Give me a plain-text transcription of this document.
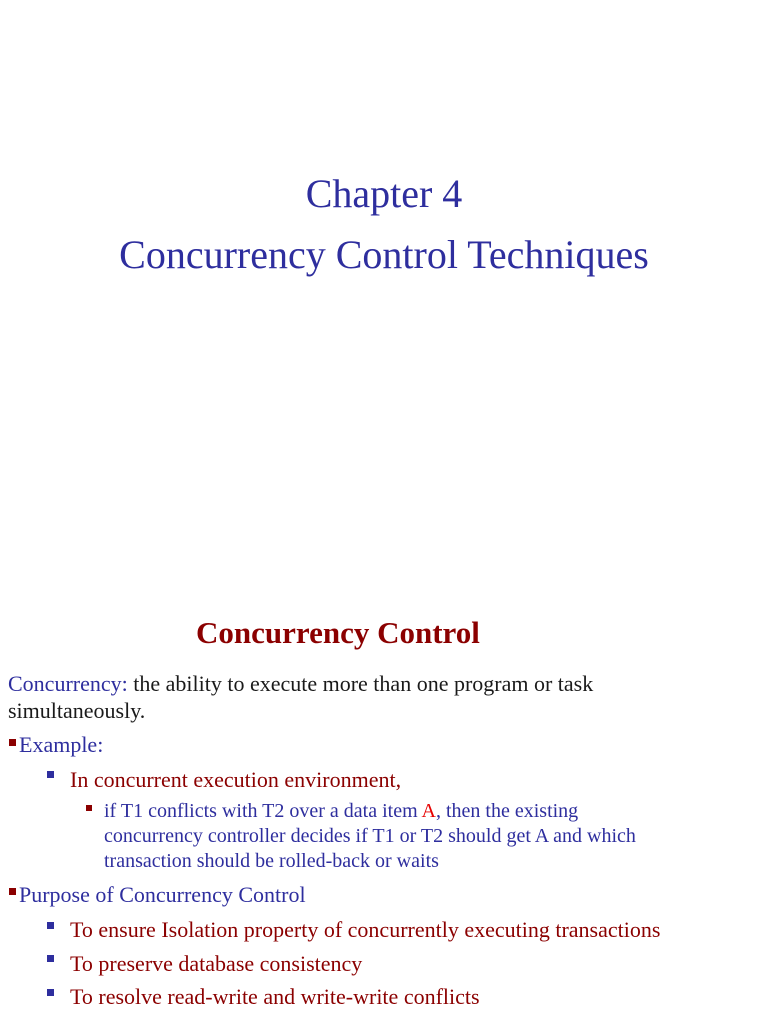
Chapter 4
Concurrency Control Techniques
Concurrency Control
Concurrency: the ability to execute more than one program or task
simultaneously.
Example:
In concurrent execution environment,
if T1 conflicts with T2 over a data item A, then the existing
concurrency controller decides if T1 or T2 should get A and which
transaction should be rolled-back or waits
Purpose of Concurrency Control
To ensure Isolation property of concurrently executing transactions
To preserve database consistency
To resolve read-write and write-write conflicts
